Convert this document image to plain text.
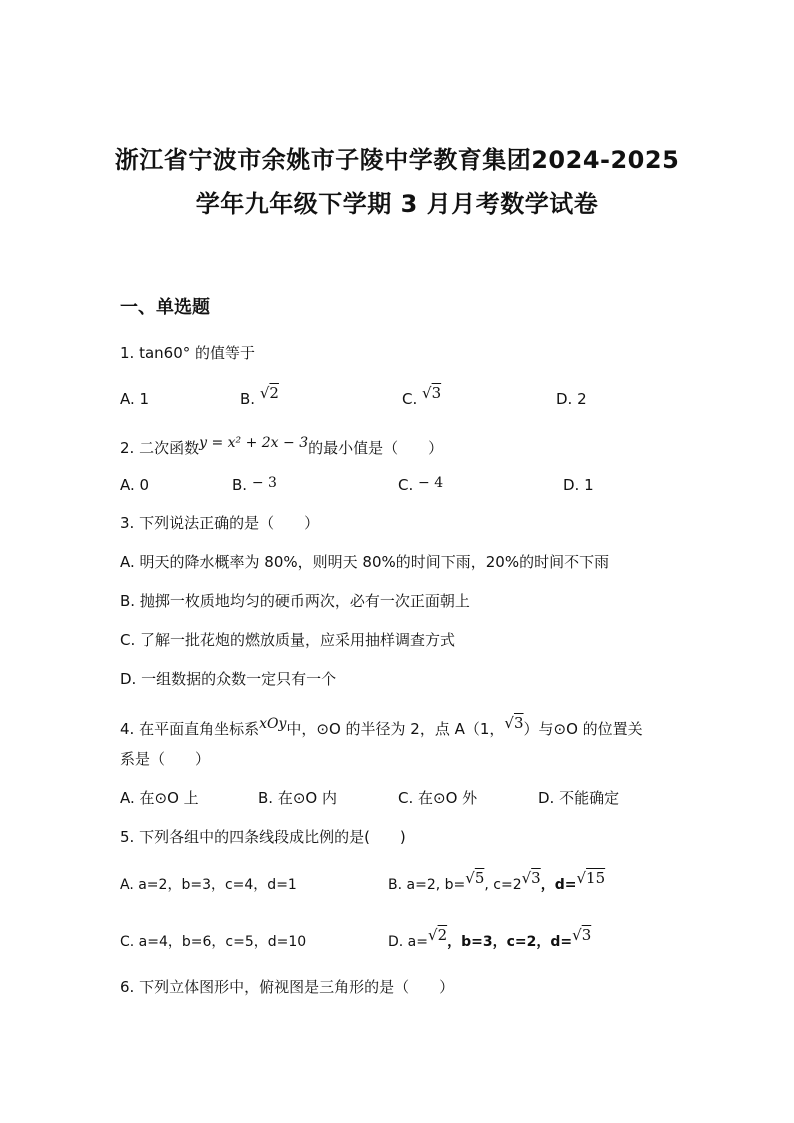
浙江省宁波市余姚市子陵中学教育集团2024-2025
学年九年级下学期 3 月月考数学试卷
一、单选题
1. tan60° 的值等于
A. 1	B. √2	C. √3	D. 2
2. 二次函数y = x² + 2x − 3的最小值是（　　）
A. 0	B. − 3	C. − 4	D. 1
3. 下列说法正确的是（　　）
A. 明天的降水概率为 80%，则明天 80%的时间下雨，20%的时间不下雨
B. 抛掷一枚质地均匀的硬币两次，必有一次正面朝上
C. 了解一批花炮的燃放质量，应采用抽样调查方式
D. 一组数据的众数一定只有一个
4. 在平面直角坐标系xOy中，⊙O 的半径为 2，点 A（1，√3）与⊙O 的位置关
系是（　　）
A. 在⊙O 上	B. 在⊙O 内	C. 在⊙O 外	D. 不能确定
5. 下列各组中的四条线段成比例的是(　　)
A. a=2，b=3，c=4，d=1	B. a=2, b=√5, c=2√3，d=√15
C. a=4，b=6，c=5，d=10	D. a=√2，b=3，c=2，d=√3
6. 下列立体图形中，俯视图是三角形的是（　　）
